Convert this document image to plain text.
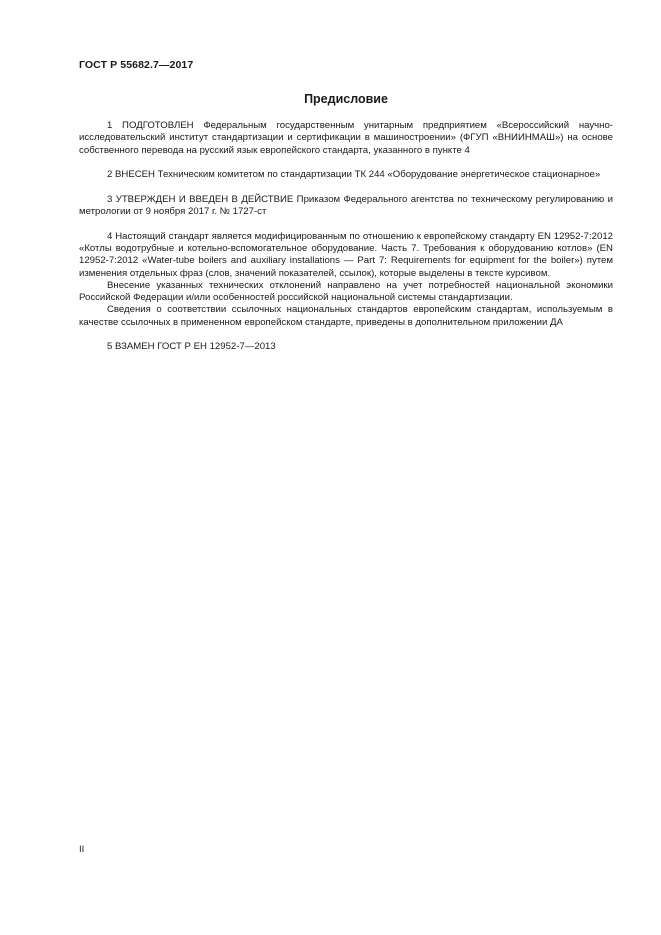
ГОСТ Р 55682.7—2017
Предисловие

1 ПОДГОТОВЛЕН Федеральным государственным унитарным предприятием «Всероссийский научно-исследовательский институт стандартизации и сертификации в машиностроении» (ФГУП «ВНИИНМАШ») на основе собственного перевода на русский язык европейского стандарта, указанного в пункте 4

2 ВНЕСЕН Техническим комитетом по стандартизации ТК 244 «Оборудование энергетическое стационарное»

3 УТВЕРЖДЕН И ВВЕДЕН В ДЕЙСТВИЕ Приказом Федерального агентства по техническому регулированию и метрологии от 9 ноября 2017 г. № 1727-ст

4 Настоящий стандарт является модифицированным по отношению к европейскому стандарту EN 12952-7:2012 «Котлы водотрубные и котельно-вспомогательное оборудование. Часть 7. Требования к оборудованию котлов» (EN 12952-7:2012 «Water-tube boilers and auxiliary installations — Part 7: Requirements for equipment for the boiler») путем изменения отдельных фраз (слов, значений показателей, ссылок), которые выделены в тексте курсивом.

Внесение указанных технических отклонений направлено на учет потребностей национальной экономики Российской Федерации и/или особенностей российской национальной системы стандартизации.

Сведения о соответствии ссылочных национальных стандартов европейским стандартам, используемым в качестве ссылочных в примененном европейском стандарте, приведены в дополнительном приложении ДА

5 ВЗАМЕН ГОСТ Р ЕН 12952-7—2013

II
